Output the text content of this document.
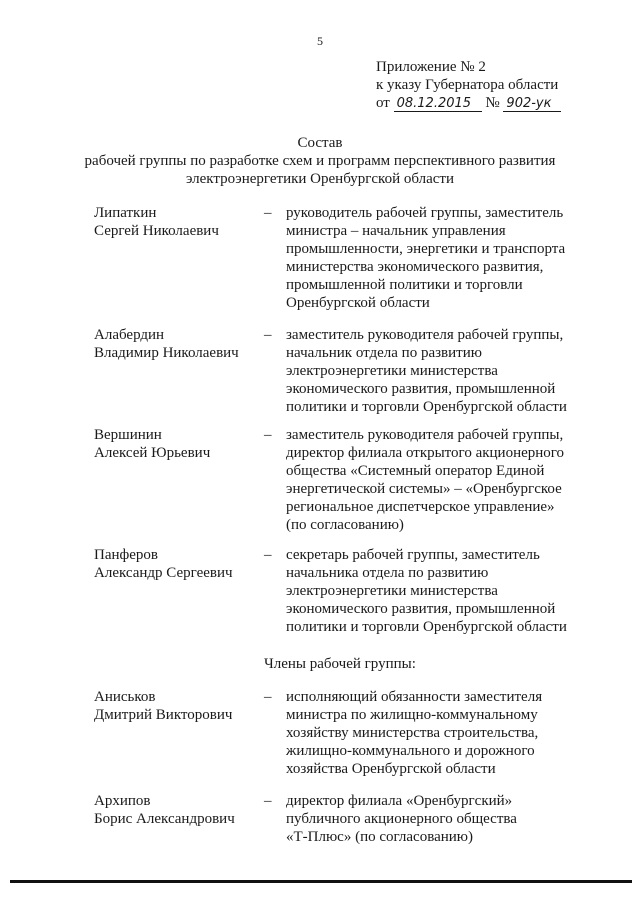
5
Приложение № 2
к указу Губернатора области
от 08.12.2015 № 902-ук
Состав
рабочей группы по разработке схем и программ перспективного развития
электроэнергетики Оренбургской области
Липаткин
Сергей Николаевич
– руководитель рабочей группы, заместитель
министра – начальник управления
промышленности, энергетики и транспорта
министерства экономического развития,
промышленной политики и торговли
Оренбургской области
Алабердин
Владимир Николаевич
– заместитель руководителя рабочей группы,
начальник отдела по развитию
электроэнергетики министерства
экономического развития, промышленной
политики и торговли Оренбургской области
Вершинин
Алексей Юрьевич
– заместитель руководителя рабочей группы,
директор филиала открытого акционерного
общества «Системный оператор Единой
энергетической системы» – «Оренбургское
региональное диспетчерское управление»
(по согласованию)
Панферов
Александр Сергеевич
– секретарь рабочей группы, заместитель
начальника отдела по развитию
электроэнергетики министерства
экономического развития, промышленной
политики и торговли Оренбургской области
Члены рабочей группы:
Аниськов
Дмитрий Викторович
– исполняющий обязанности заместителя
министра по жилищно-коммунальному
хозяйству министерства строительства,
жилищно-коммунального и дорожного
хозяйства Оренбургской области
Архипов
Борис Александрович
– директор филиала «Оренбургский»
публичного акционерного общества
«Т-Плюс» (по согласованию)
